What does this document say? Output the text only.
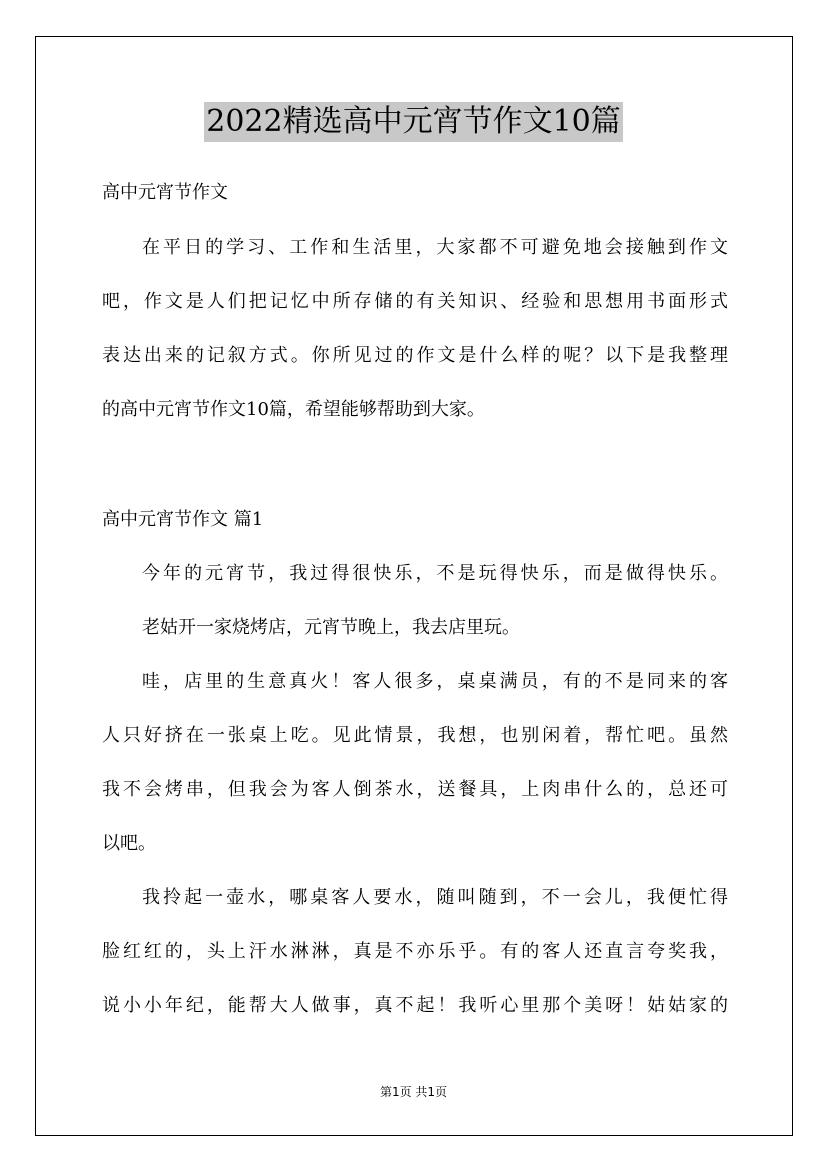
2022精选高中元宵节作文10篇
高中元宵节作文
在平日的学习、工作和生活里，大家都不可避免地会接触到作文
吧，作文是人们把记忆中所存储的有关知识、经验和思想用书面形式
表达出来的记叙方式。你所见过的作文是什么样的呢？以下是我整理
的高中元宵节作文10篇，希望能够帮助到大家。
高中元宵节作文 篇1
今年的元宵节，我过得很快乐，不是玩得快乐，而是做得快乐。
老姑开一家烧烤店，元宵节晚上，我去店里玩。
哇，店里的生意真火！客人很多，桌桌满员，有的不是同来的客
人只好挤在一张桌上吃。见此情景，我想，也别闲着，帮忙吧。虽然
我不会烤串，但我会为客人倒茶水，送餐具，上肉串什么的，总还可
以吧。
我拎起一壶水，哪桌客人要水，随叫随到，不一会儿，我便忙得
脸红红的，头上汗水淋淋，真是不亦乐乎。有的客人还直言夸奖我，
说小小年纪，能帮大人做事，真不起！我听心里那个美呀！姑姑家的
第1页 共1页
